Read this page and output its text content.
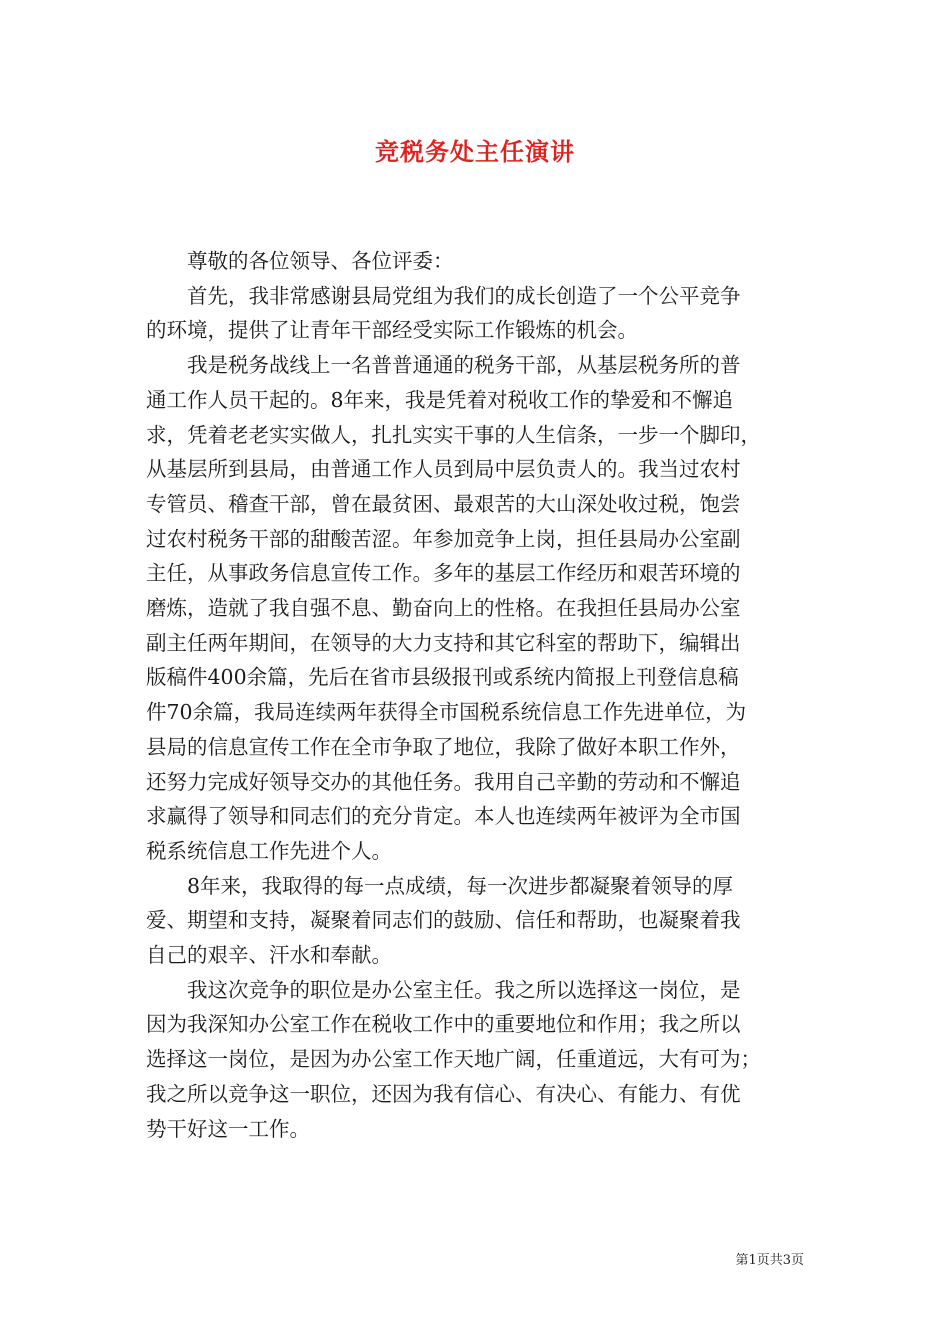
竞税务处主任演讲

尊敬的各位领导、各位评委：

首先，我非常感谢县局党组为我们的成长创造了一个公平竞争
的环境，提供了让青年干部经受实际工作锻炼的机会。

我是税务战线上一名普普通通的税务干部，从基层税务所的普
通工作人员干起的。8年来，我是凭着对税收工作的挚爱和不懈追
求，凭着老老实实做人，扎扎实实干事的人生信条，一步一个脚印，
从基层所到县局，由普通工作人员到局中层负责人的。我当过农村
专管员、稽查干部，曾在最贫困、最艰苦的大山深处收过税，饱尝
过农村税务干部的甜酸苦涩。年参加竞争上岗，担任县局办公室副
主任，从事政务信息宣传工作。多年的基层工作经历和艰苦环境的
磨炼，造就了我自强不息、勤奋向上的性格。在我担任县局办公室
副主任两年期间，在领导的大力支持和其它科室的帮助下，编辑出
版稿件400余篇，先后在省市县级报刊或系统内简报上刊登信息稿
件70余篇，我局连续两年获得全市国税系统信息工作先进单位，为
县局的信息宣传工作在全市争取了地位，我除了做好本职工作外，
还努力完成好领导交办的其他任务。我用自己辛勤的劳动和不懈追
求赢得了领导和同志们的充分肯定。本人也连续两年被评为全市国
税系统信息工作先进个人。

8年来，我取得的每一点成绩，每一次进步都凝聚着领导的厚
爱、期望和支持，凝聚着同志们的鼓励、信任和帮助，也凝聚着我
自己的艰辛、汗水和奉献。

我这次竞争的职位是办公室主任。我之所以选择这一岗位，是
因为我深知办公室工作在税收工作中的重要地位和作用；我之所以
选择这一岗位，是因为办公室工作天地广阔，任重道远，大有可为；
我之所以竞争这一职位，还因为我有信心、有决心、有能力、有优
势干好这一工作。

第1页共3页
